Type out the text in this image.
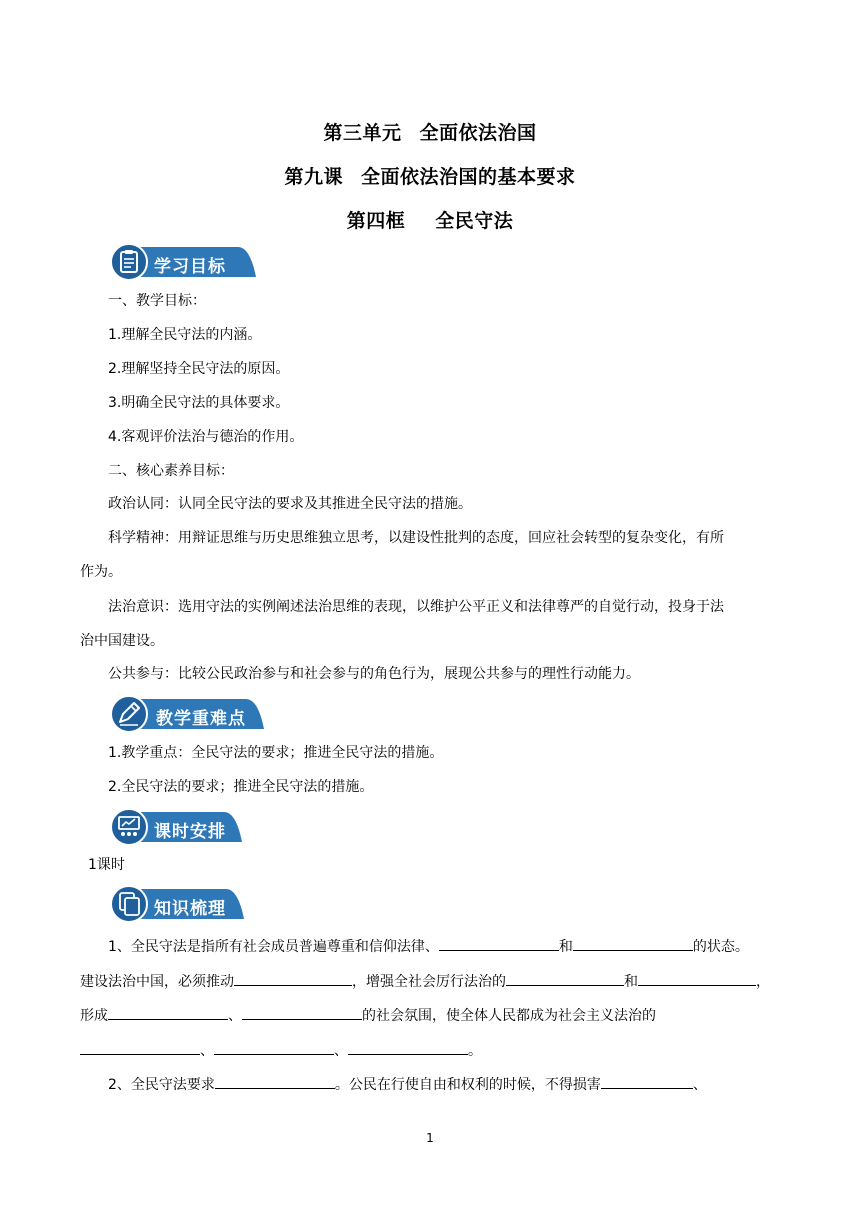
第三单元 全面依法治国
第九课 全面依法治国的基本要求
第四框 全民守法
学习目标
一、教学目标：
1.理解全民守法的内涵。
2.理解坚持全民守法的原因。
3.明确全民守法的具体要求。
4.客观评价法治与德治的作用。
二、核心素养目标：
政治认同：认同全民守法的要求及其推进全民守法的措施。
科学精神：用辩证思维与历史思维独立思考，以建设性批判的态度，回应社会转型的复杂变化，有所
作为。
法治意识：选用守法的实例阐述法治思维的表现，以维护公平正义和法律尊严的自觉行动，投身于法
治中国建设。
公共参与：比较公民政治参与和社会参与的角色行为，展现公共参与的理性行动能力。
教学重难点
1.教学重点：全民守法的要求；推进全民守法的措施。
2.全民守法的要求；推进全民守法的措施。
课时安排
1课时
知识梳理
1、全民守法是指所有社会成员普遍尊重和信仰法律、	和	的状态。
建设法治中国，必须推动	，增强全社会厉行法治的	和	，
形成	、	的社会氛围，使全体人民都成为社会主义法治的
、	、	。
2、全民守法要求	。公民在行使自由和权利的时候，不得损害	、
1
